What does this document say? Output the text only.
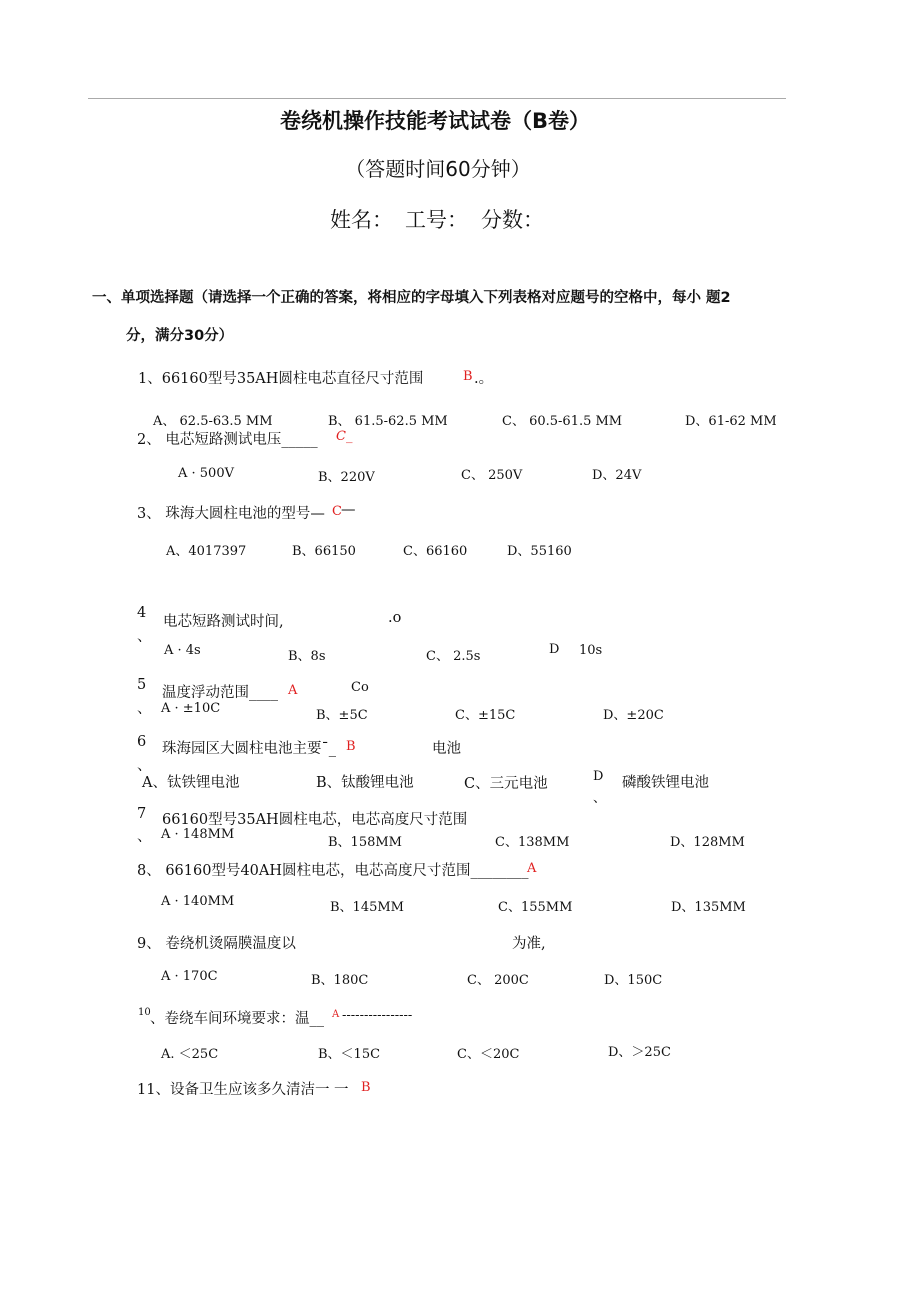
卷绕机操作技能考试试卷（B卷）
（答题时间60分钟）
姓名： 工号： 分数：
一、单项选择题（请选择一个正确的答案，将相应的字母填入下列表格对应题号的空格中，每小 题2
分，满分30分）
1、66160型号35AH圆柱电芯直径尺寸范围	B .。
A、 62.5-63.5 MM	B、 61.5-62.5 MM	C、 60.5-61.5 MM	D、61-62 MM
2、 电芯短路测试电压_____ C_
A · 500V	B、220V	C、 250V	D、24V
3、 珠海大圆柱电池的型号— C —
A、4017397	B、66150	C、66160	D、55160
4
、
电芯短路测试时间,	.o
A · 4s	B、8s	C、 2.5s	D 10s
5
、
温度浮动范围____ A	Co
A · ±10C	B、±5C	C、±15C	D、±20C
6
、
珠海园区大圆柱电池主要ˉ_ B	电池
A、钛铁锂电池	B、钛酸锂电池	C、三元电池	D
、
磷酸铁锂电池
7
、
66160型号35AH圆柱电芯，电芯高度尺寸范围
A · 148MM
B、158MM	C、138MM	D、128MM
8、 66160型号40AH圆柱电芯，电芯高度尺寸范围________
A
A · 140MM	B、145MM	C、155MM	D、135MM
9、 卷绕机烫隔膜温度以	为准,
A · 170C	B、180C	C、 200C	D、150C
10 、卷绕车间环境要求：温__ A ----------------
A. ＜25C	B、＜15C	C、＜20C	D、＞25C
11、设备卫生应该多久清洁一 一 B
